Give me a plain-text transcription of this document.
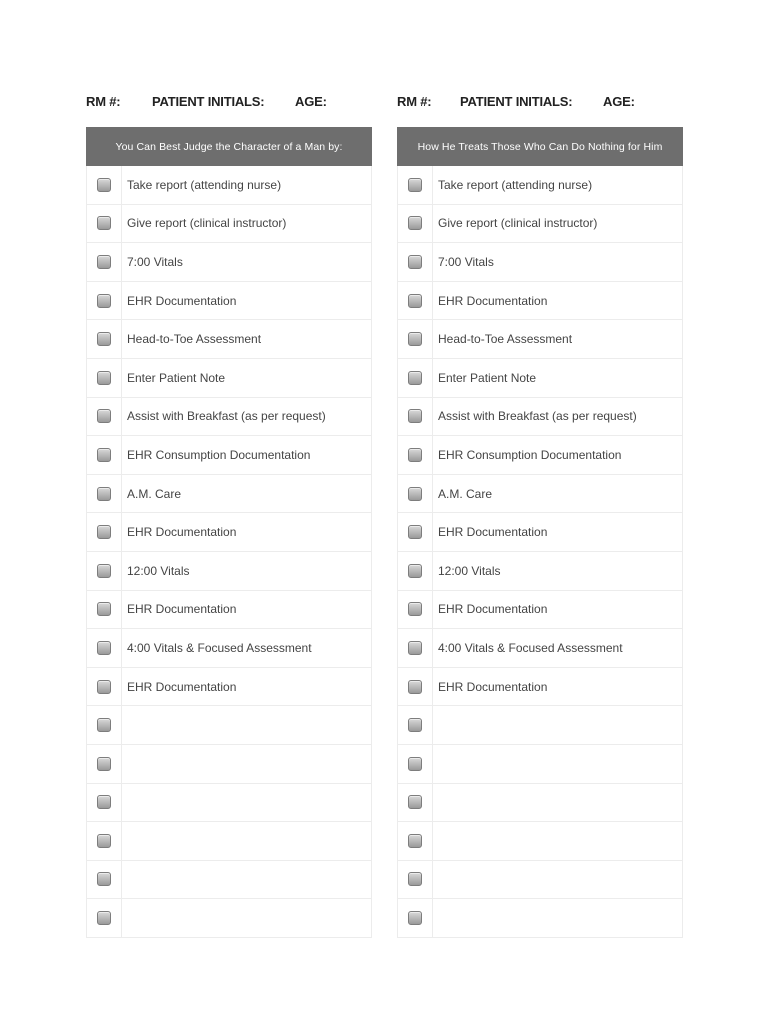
RM #: PATIENT INITIALS: AGE:
You Can Best Judge the Character of a Man by:
Take report (attending nurse)
Give report (clinical instructor)
7:00 Vitals
EHR Documentation
Head-to-Toe Assessment
Enter Patient Note
Assist with Breakfast (as per request)
EHR Consumption Documentation
A.M. Care
EHR Documentation
12:00 Vitals
EHR Documentation
4:00 Vitals & Focused Assessment
EHR Documentation
RM #: PATIENT INITIALS: AGE:
How He Treats Those Who Can Do Nothing for Him
Take report (attending nurse)
Give report (clinical instructor)
7:00 Vitals
EHR Documentation
Head-to-Toe Assessment
Enter Patient Note
Assist with Breakfast (as per request)
EHR Consumption Documentation
A.M. Care
EHR Documentation
12:00 Vitals
EHR Documentation
4:00 Vitals & Focused Assessment
EHR Documentation
